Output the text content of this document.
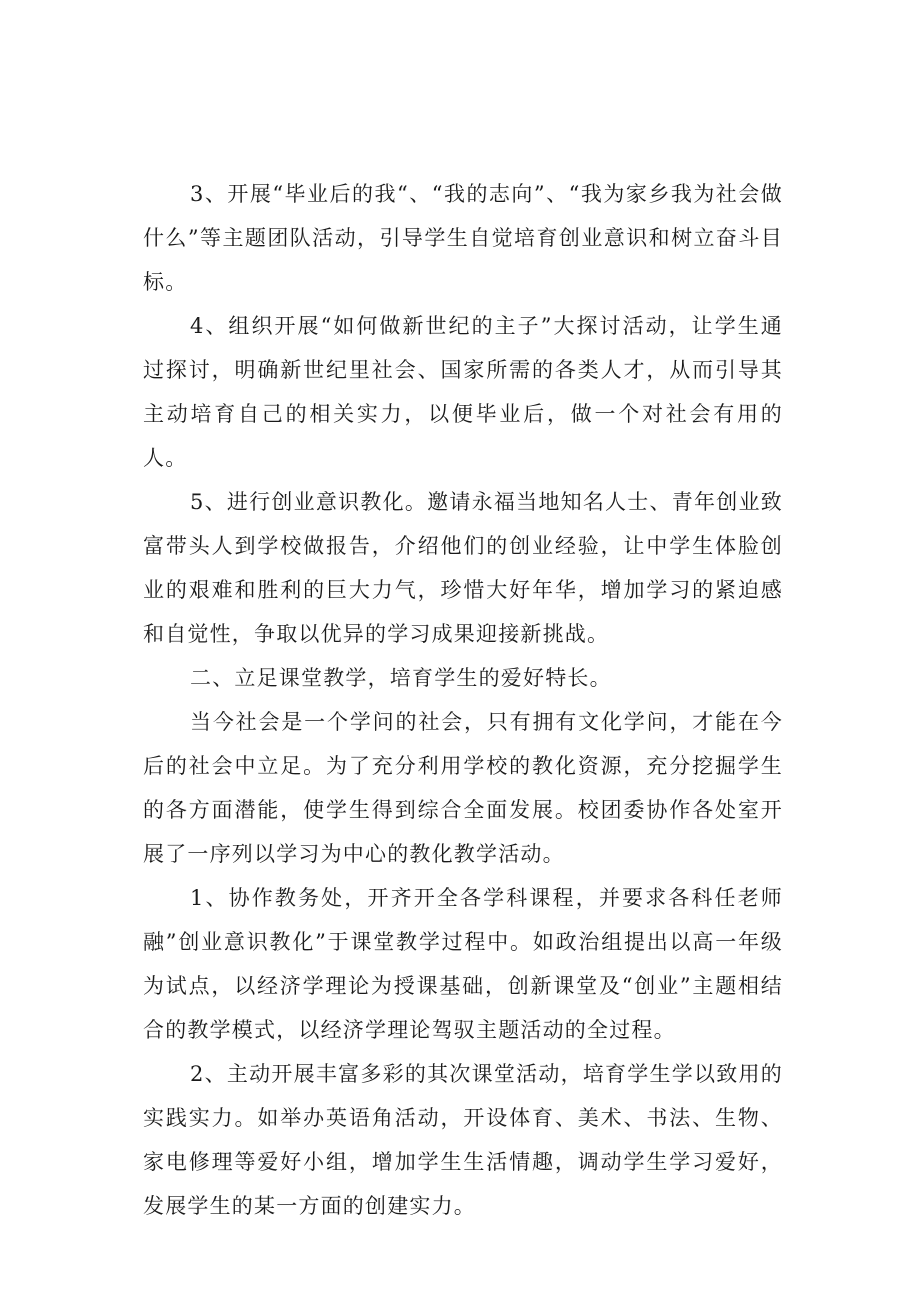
3、开展“毕业后的我“、“我的志向”、“我为家乡我为社会做什么”等主题团队活动，引导学生自觉培育创业意识和树立奋斗目标。

4、组织开展“如何做新世纪的主子”大探讨活动，让学生通过探讨，明确新世纪里社会、国家所需的各类人才，从而引导其主动培育自己的相关实力，以便毕业后，做一个对社会有用的人。

5、进行创业意识教化。邀请永福当地知名人士、青年创业致富带头人到学校做报告，介绍他们的创业经验，让中学生体脸创业的艰难和胜利的巨大力气，珍惜大好年华，增加学习的紧迫感和自觉性，争取以优异的学习成果迎接新挑战。

二、立足课堂教学，培育学生的爱好特长。

当今社会是一个学问的社会，只有拥有文化学问，才能在今后的社会中立足。为了充分利用学校的教化资源，充分挖掘学生的各方面潜能，使学生得到综合全面发展。校团委协作各处室开展了一序列以学习为中心的教化教学活动。

1、协作教务处，开齐开全各学科课程，并要求各科任老师融”创业意识教化”于课堂教学过程中。如政治组提出以高一年级为试点，以经济学理论为授课基础，创新课堂及“创业”主题相结合的教学模式，以经济学理论驾驭主题活动的全过程。

2、主动开展丰富多彩的其次课堂活动，培育学生学以致用的实践实力。如举办英语角活动，开设体育、美术、书法、生物、家电修理等爱好小组，增加学生生活情趣，调动学生学习爱好，发展学生的某一方面的创建实力。
